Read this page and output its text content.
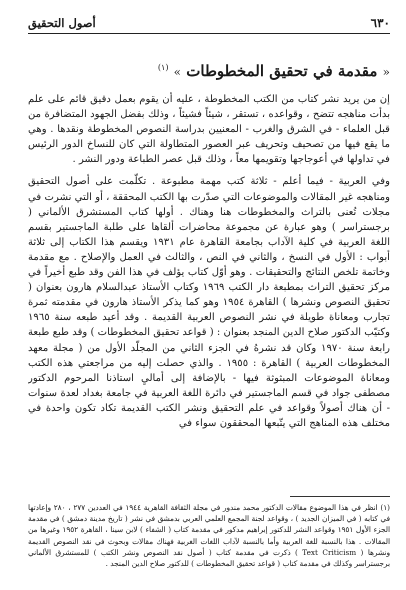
٦٣٠
أصول التحقيق
« مقدمة في تحقيق المخطوطات » $^{(١)}$

إن من يريد نشر كتاب من الكتب المخطوطة ، عليه أن يقوم بعمل دقيق قائم على علم بدأت مناهجه تتضح ، وقواعده ، تستقر ، شيئاً فشيئاً ، وذلك بفضل الجهود المتضافرة من قبل العلماء - في الشرق والغرب - المعنيين بدراسة النصوص المخطوطة ونقدها . وهي ما يقع فيها من تصحيف وتحريف عبر العصور المتطاولة التي كان للنساخ الدور الرئيس في تداولها في أعوجاجها وتقويمها معاً ، وذلك قبل عصر الطباعة ودور النشر .

وفي العربية - فيما أعلم - ثلاثة كتب مهمة مطبوعة . تكلّمت على أصول التحقيق ومناهجه غير المقالات والموضوعات التي صدّرت بها الكتب المحققة ، أو التي نشرت في مجلات تُعنى بالتراث والمخطوطات هنا وهناك . أولها كتاب المستشرق الألماني ( برجستراسر ) وهو عبارة عن مجموعة محاضرات ألقاها على طلبة الماجستير بقسم اللغة العربية في كلية الآداب بجامعة القاهرة عام ١٩٣١ ويقسم هذا الكتاب إلى ثلاثة أبواب : الأول في النسخ ، والثاني في النص ، والثالث في العمل والإصلاح . مع مقدمة وخاتمة تلخص النتائج والتحقيقات . وهو أوّل كتاب يؤلف في هذا الفن وقد طبع أخيراً في مركز تحقيق التراث بمطبعة دار الكتب ١٩٦٩ وكتاب الأستاذ عبدالسلام هارون بعنوان ( تحقيق النصوص ونشرها ) القاهرة ١٩٥٤ وهو كما يذكر الأستاذ هارون في مقدمته ثمرة تجارب ومعاناة طويلة في نشر النصوص العربية القديمة . وقد أعيد طبعه سنة ١٩٦٥ وكتيّب الدكتور صلاح الدين المنجد بعنوان : ( قواعد تحقيق المخطوطات ) وقد طبع طبعة رابعة سنة ١٩٧٠ وكان قد نشرهُ في الجزء الثاني من المجلّد الأول من ( مجلة معهد المخطوطات العربية ) القاهرة : ١٩٥٥ . والذي حصلت إليه من مراجعتي هذه الكتب ومعاناة الموضوعات المبثوثة فيها - بالإضافة إلى أماليِ استاذنا المرحوم الدكتور مصطفى جواد في قسم الماجستير في دائرة اللغة العربية في جامعة بغداد لعدة سنوات - أن هناك أصولاً وقواعد في علم التحقيق ونشر الكتب القديمة تكاد تكون واحدة في مختلف هذه المناهج التي يتّبعها المحققون سواء في

(١) انظر في هذا الموضوع مقالات الدكتور محمد مندور في مجلة الثقافة القاهرية ١٩٤٤ في العددين ٢٧٧ ، ٢٨٠ وإعادتها في كتابه ( في الميزان الجديد ) ، وقواعد لجنة المجمع العلمي العربي بدمشق في نشر ( تاريخ مدينة دمشق ) في مقدمة الجزء الأول ١٩٥١ وقواعد النشر للدكتور إبراهيم مدكور في مقدمة كتاب ( الشفاء ) لابن سينا ، القاهرة ١٩٥٢ وغيرها من المقالات . هذا بالنسبة للغة العربية وأما بالنسبة لآداب اللغات الغربية فهناك مقالات وبحوث في نقد النصوص القديمة ونشرها ( Text Criticism ) ذكرت في مقدمة كتاب ( أصول نقد النصوص ونشر الكتب ) للمستشرق الألماني برجستراسر وكذلك في مقدمة كتاب ( قواعد تحقيق المخطوطات ) للدكتور صلاح الدين المنجد .
